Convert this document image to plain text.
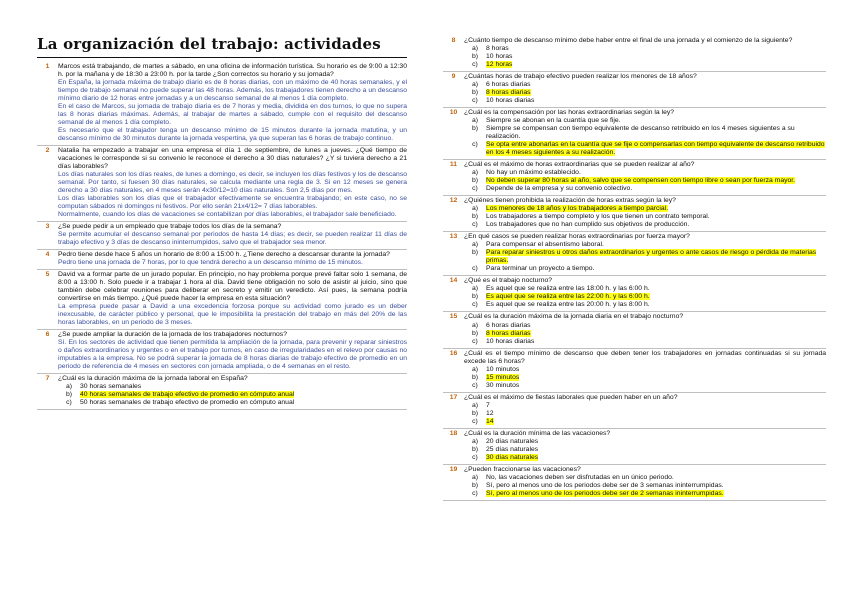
La organización del trabajo: actividades
1	Marcos está trabajando, de martes a sábado, en una oficina de información turística. Su horario es de 9:00 a 12:30 h. por la mañana y de 18:30 a 23:00 h. por la tarde ¿Son correctos su horario y su jornada?
En España, la jornada máxima de trabajo diario es de 8 horas diarias, con un máximo de 40 horas semanales, y el tiempo de trabajo semanal no puede superar las 48 horas. Además, los trabajadores tienen derecho a un descanso mínimo diario de 12 horas entre jornadas y a un descanso semanal de al menos 1 día completo.
En el caso de Marcos, su jornada de trabajo diaria es de 7 horas y media, dividida en dos turnos, lo que no supera las 8 horas diarias máximas. Además, al trabajar de martes a sábado, cumple con el requisito del descanso semanal de al menos 1 día completo.
Es necesario que el trabajador tenga un descanso mínimo de 15 minutos durante la jornada matutina, y un descanso mínimo de 30 minutos durante la jornada vespertina, ya que superan las 6 horas de trabajo continuo.
2	Natalia ha empezado a trabajar en una empresa el día 1 de septiembre, de lunes a jueves. ¿Qué tiempo de vacaciones le corresponde si su convenio le reconoce el derecho a 30 días naturales? ¿Y si tuviera derecho a 21 días laborables?
Los días naturales son los días reales, de lunes a domingo, es decir, se incluyen los días festivos y los de descanso semanal. Por tanto, si fuesen 30 días naturales, se calcula mediante una regla de 3. Si en 12 meses se genera derecho a 30 días naturales, en 4 meses serán 4x30/12=10 días naturales. Son 2,5 días por mes.
Los días laborables son los días que el trabajador efectivamente se encuentra trabajando; en este caso, no se computan sábados ni domingos ni festivos. Por ello serán 21x4/12= 7 días laborables.
Normalmente, cuando los días de vacaciones se contabilizan por días laborables, el trabajador sale beneficiado.
3	¿Se puede pedir a un empleado que trabaje todos los días de la semana?
Se permite acumular el descanso semanal por periodos de hasta 14 días; es decir, se pueden realizar 11 días de trabajo efectivo y 3 días de descanso ininterrumpidos, salvo que el trabajador sea menor.
4	Pedro tiene desde hace 5 años un horario de 8:00 a 15:00 h. ¿Tiene derecho a descansar durante la jornada?
Pedro tiene una jornada de 7 horas, por lo que tendrá derecho a un descanso mínimo de 15 minutos.
5	David va a formar parte de un jurado popular. En principio, no hay problema porque prevé faltar solo 1 semana, de 8:00 a 13:00 h. Solo puede ir a trabajar 1 hora al día. David tiene obligación no solo de asistir al juicio, sino que también debe celebrar reuniones para deliberar en secreto y emitir un veredicto. Así pues, la semana podría convertirse en más tiempo. ¿Qué puede hacer la empresa en esta situación?
La empresa puede pasar a David a una excedencia forzosa porque su actividad como jurado es un deber inexcusable, de carácter público y personal, que le imposibilita la prestación del trabajo en más del 20% de las horas laborables, en un periodo de 3 meses.
6	¿Se puede ampliar la duración de la jornada de los trabajadores nocturnos?
Sí. En los sectores de actividad que tienen permitida la ampliación de la jornada, para prevenir y reparar siniestros o daños extraordinarios y urgentes o en el trabajo por turnos, en caso de irregularidades en el relevo por causas no imputables a la empresa. No se podrá superar la jornada de 8 horas diarias de trabajo efectivo de promedio en un periodo de referencia de 4 meses en sectores con jornada ampliada, o de 4 semanas en el resto.
7	¿Cuál es la duración máxima de la jornada laboral en España?
a)	30 horas semanales
b)	40 horas semanales de trabajo efectivo de promedio en cómputo anual
c)	50 horas semanales de trabajo efectivo de promedio en cómputo anual
8	¿Cuánto tiempo de descanso mínimo debe haber entre el final de una jornada y el comienzo de la siguiente?
a)	8 horas
b)	10 horas
c)	12 horas
9	¿Cuántas horas de trabajo efectivo pueden realizar los menores de 18 años?
a)	6 horas diarias
b)	8 horas diarias
c)	10 horas diarias
10 ¿Cuál es la compensación por las horas extraordinarias según la ley?
a)	Siempre se abonan en la cuantía que se fije.
b)	Siempre se compensan con tiempo equivalente de descanso retribuido en los 4 meses siguientes a su realización.
c)	Se opta entre abonarlas en la cuantía que se fije o compensarlas con tiempo equivalente de descanso retribuido en los 4 meses siguientes a su realización.
11	¿Cuál es el máximo de horas extraordinarias que se pueden realizar al año?
a)	No hay un máximo establecido.
b)	No deben superar 80 horas al año, salvo que se compensen con tiempo libre o sean por fuerza mayor.
c)	Depende de la empresa y su convenio colectivo.
12 ¿Quiénes tienen prohibida la realización de horas extras según la ley?
a)	Los menores de 18 años y los trabajadores a tiempo parcial.
b)	Los trabajadores a tiempo completo y los que tienen un contrato temporal.
c)	Los trabajadores que no han cumplido sus objetivos de producción.
13 ¿En qué casos se pueden realizar horas extraordinarias por fuerza mayor?
a)	Para compensar el absentismo laboral.
b)	Para reparar siniestros u otros daños extraordinarios y urgentes o ante casos de riesgo o pérdida de materias primas.
c)	Para terminar un proyecto a tiempo.
14 ¿Qué es el trabajo nocturno?
a)	Es aquel que se realiza entre las 18:00 h. y las 6:00 h.
b)	Es aquel que se realiza entre las 22:00 h. y las 6:00 h.
c)	Es aquel que se realiza entre las 20:00 h. y las 8:00 h.
15 ¿Cuál es la duración máxima de la jornada diaria en el trabajo nocturno?
a)	6 horas diarias
b)	8 horas diarias
c)	10 horas diarias
16 ¿Cuál es el tiempo mínimo de descanso que deben tener los trabajadores en jornadas continuadas si su jornada excede las 6 horas?
a)	10 minutos
b)	15 minutos
c)	30 minutos
17 ¿Cuál es el máximo de fiestas laborales que pueden haber en un año?
a)	7
b)	12
c)	14
18 ¿Cuál es la duración mínima de las vacaciones?
a)	20 días naturales
b)	25 días naturales
c)	30 días naturales
19 ¿Pueden fraccionarse las vacaciones?
a)	No, las vacaciones deben ser disfrutadas en un único periodo.
b)	Sí, pero al menos uno de los periodos debe ser de 3 semanas ininterrumpidas.
c)	Sí, pero al menos uno de los periodos debe ser de 2 semanas ininterrumpidas.
